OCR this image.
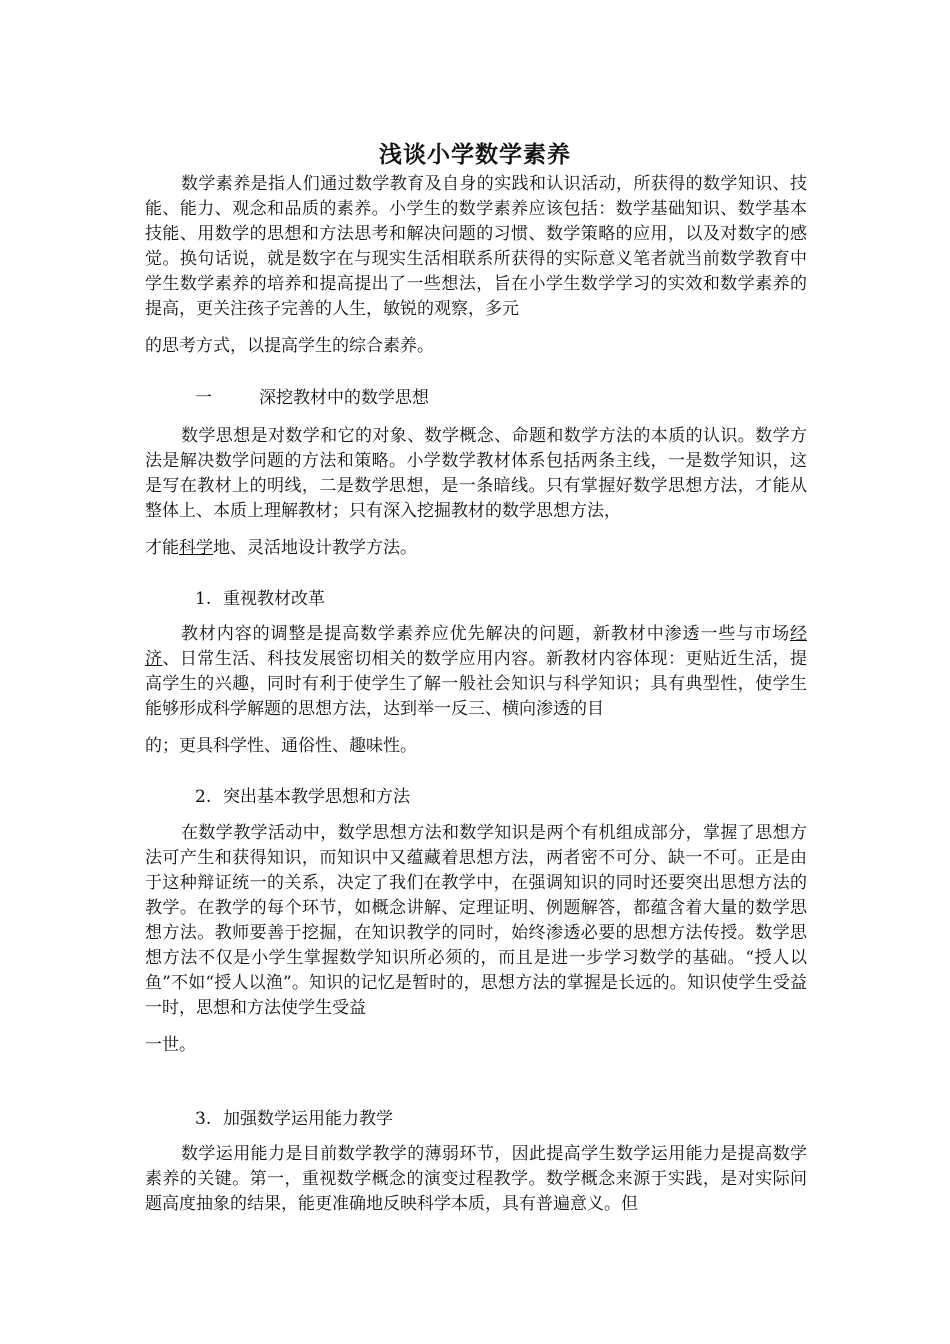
浅谈小学数学素养

数学素养是指人们通过数学教育及自身的实践和认识活动，所获得的数学知识、技能、能力、观念和品质的素养。小学生的数学素养应该包括：数学基础知识、数学基本技能、用数学的思想和方法思考和解决问题的习惯、数学策略的应用，以及对数字的感觉。换句话说，就是数字在与现实生活相联系所获得的实际意义笔者就当前数学教育中学生数学素养的培养和提高提出了一些想法，旨在小学生数学学习的实效和数学素养的提高，更关注孩子完善的人生，敏锐的观察，多元
的思考方式，以提高学生的综合素养。

一	深挖教材中的数学思想

数学思想是对数学和它的对象、数学概念、命题和数学方法的本质的认识。数学方法是解决数学问题的方法和策略。小学数学教材体系包括两条主线，一是数学知识，这是写在教材上的明线，二是数学思想，是一条暗线。只有掌握好数学思想方法，才能从整体上、本质上理解教材；只有深入挖掘教材的数学思想方法，
才能科学地、灵活地设计教学方法。

1. 重视教材改革

教材内容的调整是提高数学素养应优先解决的问题，新教材中渗透一些与市场经济、日常生活、科技发展密切相关的数学应用内容。新教材内容体现：更贴近生活，提高学生的兴趣，同时有利于使学生了解一般社会知识与科学知识；具有典型性，使学生能够形成科学解题的思想方法，达到举一反三、横向渗透的目
的；更具科学性、通俗性、趣味性。

2. 突出基本教学思想和方法

在数学教学活动中，数学思想方法和数学知识是两个有机组成部分，掌握了思想方法可产生和获得知识，而知识中又蕴藏着思想方法，两者密不可分、缺一不可。正是由于这种辩证统一的关系，决定了我们在教学中，在强调知识的同时还要突出思想方法的教学。在教学的每个环节，如概念讲解、定理证明、例题解答，都蕴含着大量的数学思想方法。教师要善于挖掘，在知识教学的同时，始终渗透必要的思想方法传授。数学思想方法不仅是小学生掌握数学知识所必须的，而且是进一步学习数学的基础。“授人以鱼”不如“授人以渔”。知识的记忆是暂时的，思想方法的掌握是长远的。知识使学生受益一时，思想和方法使学生受益
一世。

3. 加强数学运用能力教学

数学运用能力是目前数学教学的薄弱环节，因此提高学生数学运用能力是提高数学素养的关键。第一，重视数学概念的演变过程教学。数学概念来源于实践，是对实际问题高度抽象的结果，能更准确地反映科学本质，具有普遍意义。但
